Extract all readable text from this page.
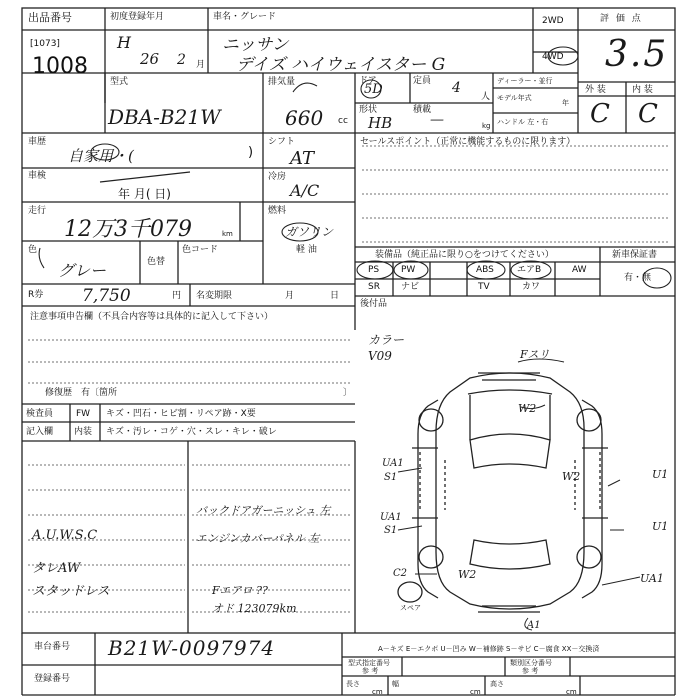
出品番号
[1073]
1008
初度登録年月
H
26 2 月
車名・グレード
ニッサン
デイズ ハイウェイスター G
2WD
4WD
評 価 点
3.5
型式
DBA-B21W
排気量
660 cc
ドア
5D
定員 4
人
形状
HB
積載
—	kg
ディーラー・並行
モデル年式
年
ハンドル 左・右
外 装	内 装
C C
車歴
自家用・(	)
車検
年 月( 日)
走行
12万3千079	km
色
グレー	色替
色コード
シフト
AT
冷房
A/C
燃料
ガソリン
軽 油
セールスポイント（正常に機能するものに限ります）
装備品（純正品に限り○をつけてください）
PS PW	ABS	エアB	AW
SR ナビ	TV	カワ
新車保証書
有・無
後付品
R券 7,750	円 名変期限	月	日
注意事項申告欄（不具合内容等は具体的に記入して下さい）
修復歴　有〔箇所	〕
検査員
記入欄
FW キズ・凹石・ヒビ割・リペア跡・X要
内装 キズ・汚レ・コゲ・穴・スレ・キレ・破レ
A.U.W.S.C
タレAW
スタッドレス
バックドアガーニッシュ 左
エンジンカバーパネル 左
Fエアロ ??
オド 123079km
カラー V09	Fスリ
W2
UA1
S1	W2	U1
UA1
S1	U1
C2	W2	UA1
A1
スペア
車台番号 B21W-0097974
登録番号
A－キズ E－エクボ U－凹み W－補修跡 S－サビ C－腐食 XX－交換済
型式指定番号
参 考
類別区分番号
参 考
長さ
cm
幅
cm
高さ
cm
